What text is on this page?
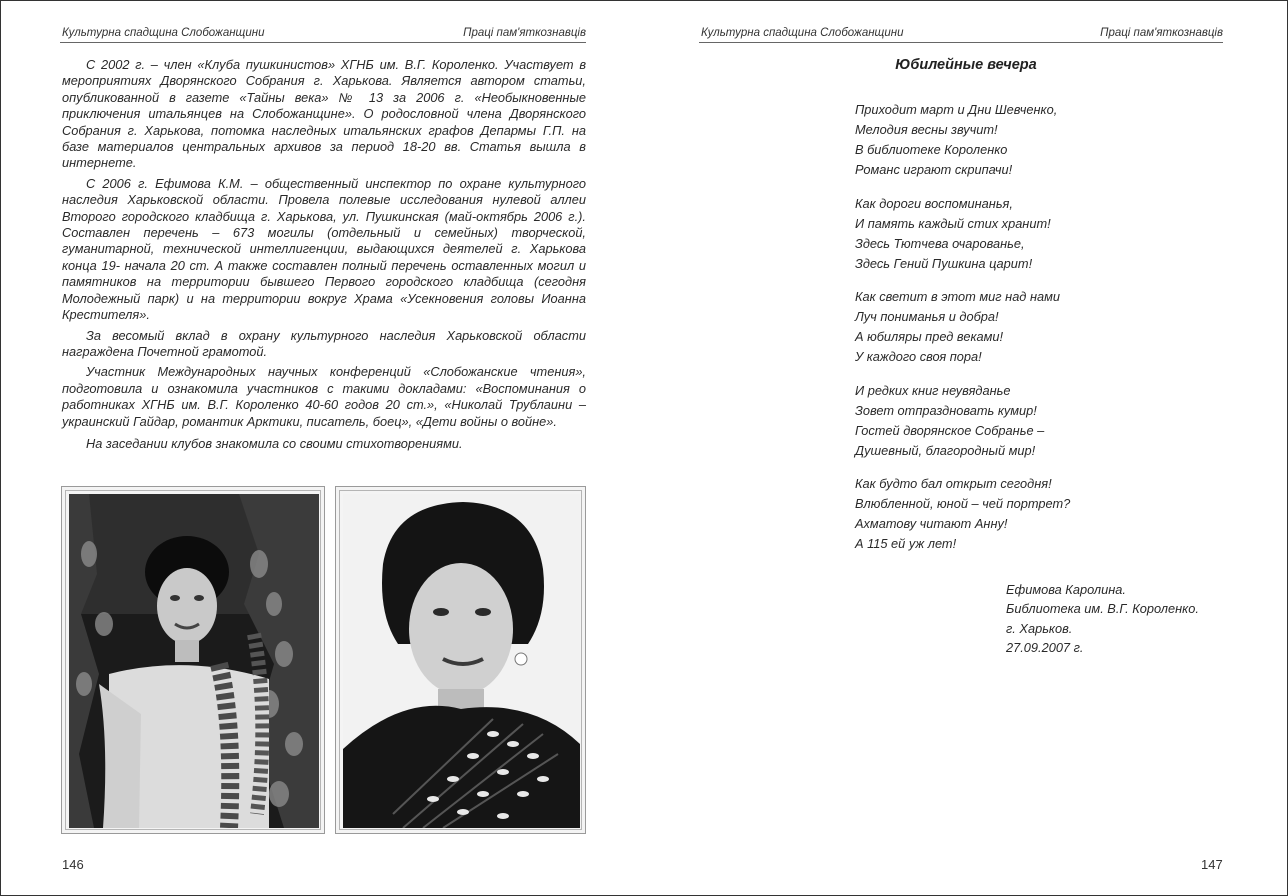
Культурна спадщина Слобожанщини	Праці пам'яткознавців

С 2002 г. – член «Клуба пушкинистов» ХГНБ им. В.Г. Короленко. Участвует в мероприятиях Дворянского Собрания г. Харькова. Является автором статьи, опубликованной в газете «Тайны века» № 13 за 2006 г. «Необыкновенные приключения итальянцев на Слобожанщине». О родословной члена Дворянского Собрания г. Харькова, потомка наследных итальянских графов Депармы Г.П. на базе материалов центральных архивов за период 18-20 вв. Статья вышла в интернете.

С 2006 г. Ефимова К.М. – общественный инспектор по охране культурного наследия Харьковской области. Провела полевые исследования нулевой аллеи Второго городского кладбища г. Харькова, ул. Пушкинская (май-октябрь 2006 г.). Составлен перечень – 673 могилы (отдельный и семейных) творческой, гуманитарной, технической интеллигенции, выдающихся деятелей г. Харькова конца 19- начала 20 ст. А также составлен полный перечень оставленных могил и памятников на территории бывшего Первого городского кладбища (сегодня Молодежный парк) и на территории вокруг Храма «Усекновения головы Иоанна Крестителя».

За весомый вклад в охрану культурного наследия Харьковской области награждена Почетной грамотой.

Участник Международных научных конференций «Слобожанские чтения», подготовила и ознакомила участников с такими докладами: «Воспоминания о работниках ХГНБ им. В.Г. Короленко 40-60 годов 20 ст.», «Николай Трублаини – украинский Гайдар, романтик Арктики, писатель, боец», «Дети войны о войне».

На заседании клубов знакомила со своими стихотворениями.

146
Культурна спадщина Слобожанщини	Праці пам'яткознавців
Юбилейные вечера
Приходит март и Дни Шевченко,
Мелодия весны звучит!
В библиотеке Короленко
Романс играют скрипачи!
Как дороги воспоминанья,
И память каждый стих хранит!
Здесь Тютчева очарованье,
Здесь Гений Пушкина царит!
Как светит в этот миг над нами
Луч пониманья и добра!
А юбиляры пред веками!
У каждого своя пора!
И редких книг неувяданье
Зовет отпраздновать кумир!
Гостей дворянское Собранье –
Душевный, благородный мир!
Как будто бал открыт сегодня!
Влюбленной, юной – чей портрет?
Ахматову читают Анну!
А 115 ей уж лет!
Ефимова Каролина.
Библиотека им. В.Г. Короленко.
г. Харьков.
27.09.2007 г.
147
